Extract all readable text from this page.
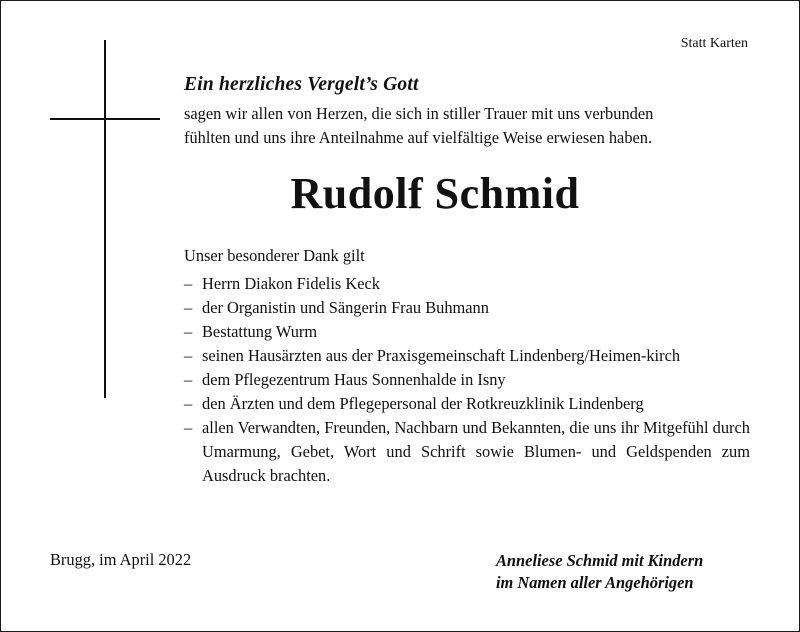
Statt Karten
Ein herzliches Vergelt’s Gott
sagen wir allen von Herzen, die sich in stiller Trauer mit uns verbunden
fühlten und uns ihre Anteilnahme auf vielfältige Weise erwiesen haben.
Rudolf Schmid
Unser besonderer Dank gilt
– Herrn Diakon Fidelis Keck
– der Organistin und Sängerin Frau Buhmann
– Bestattung Wurm
– seinen Hausärzten aus der Praxisgemeinschaft Lindenberg/Heimen-kirch
– dem Pflegezentrum Haus Sonnenhalde in Isny
– den Ärzten und dem Pflegepersonal der Rotkreuzklinik Lindenberg
– allen Verwandten, Freunden, Nachbarn und Bekannten, die uns ihr Mitgefühl durch Umarmung, Gebet, Wort und Schrift sowie Blumen- und Geldspenden zum Ausdruck brachten.
Brugg, im April 2022	Anneliese Schmid mit Kindern
im Namen aller Angehörigen
